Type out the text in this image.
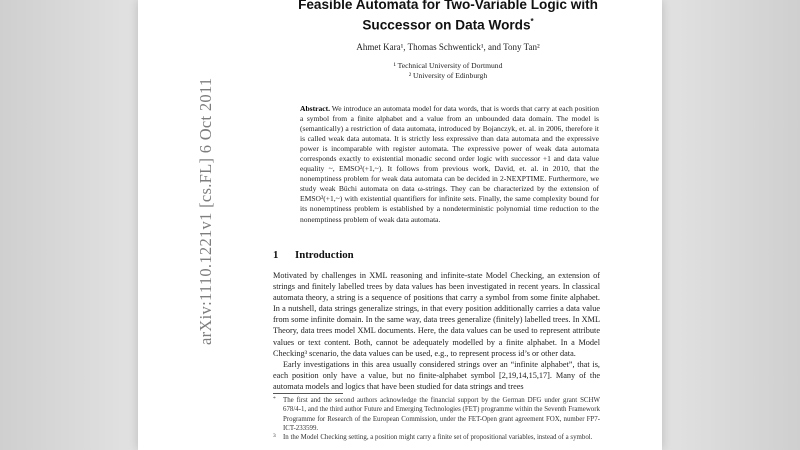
arXiv:1110.1221v1 [cs.FL] 6 Oct 2011
Feasible Automata for Two-Variable Logic with
Successor on Data Words*
Ahmet Kara¹, Thomas Schwentick¹, and Tony Tan²
¹ Technical University of Dortmund
² University of Edinburgh
Abstract. We introduce an automata model for data words, that is words that carry at each position a symbol from a finite alphabet and a value from an unbounded data domain. The model is (semantically) a restriction of data automata, introduced by Bojanczyk, et. al. in 2006, therefore it is called weak data automata. It is strictly less expressive than data automata and the expressive power is incomparable with register automata. The expressive power of weak data automata corresponds exactly to existential monadic second order logic with successor +1 and data value equality ~, EMSO²(+1,~). It follows from previous work, David, et. al. in 2010, that the nonemptiness problem for weak data automata can be decided in 2-NEXPTIME. Furthermore, we study weak Büchi automata on data ω-strings. They can be characterized by the extension of EMSO²(+1,~) with existential quantifiers for infinite sets. Finally, the same complexity bound for its nonemptiness problem is established by a nondeterministic polynomial time reduction to the nonemptiness problem of weak data automata.
1 Introduction
Motivated by challenges in XML reasoning and infinite-state Model Checking, an extension of strings and finitely labelled trees by data values has been investigated in recent years. In classical automata theory, a string is a sequence of positions that carry a symbol from some finite alphabet. In a nutshell, data strings generalize strings, in that every position additionally carries a data value from some infinite domain. In the same way, data trees generalize (finitely) labelled trees. In XML Theory, data trees model XML documents. Here, the data values can be used to represent attribute values or text content. Both, cannot be adequately modelled by a finite alphabet. In a Model Checking³ scenario, the data values can be used, e.g., to represent process id’s or other data.
Early investigations in this area usually considered strings over an “infinite alphabet”, that is, each position only have a value, but no finite-alphabet symbol [2,19,14,15,17]. Many of the automata models and logics that have been studied for data strings and trees
* The first and the second authors acknowledge the financial support by the German DFG under grant SCHW 678/4-1, and the third author Future and Emerging Technologies (FET) programme within the Seventh Framework Programme for Research of the European Commission, under the FET-Open grant agreement FOX, number FP7-ICT-233599.
3 In the Model Checking setting, a position might carry a finite set of propositional variables, instead of a symbol.
